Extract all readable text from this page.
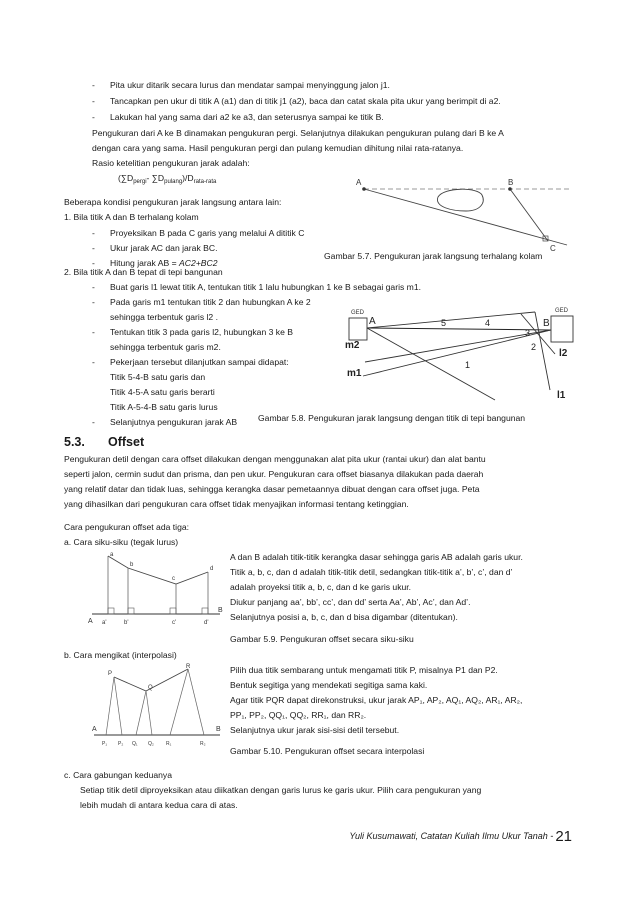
- Pita ukur ditarik secara lurus dan mendatar sampai menyinggung jalon j1.
- Tancapkan pen ukur di titik A (a1) dan di titik j1 (a2), baca dan catat skala pita ukur yang berimpit di a2.
- Lakukan hal yang sama dari a2 ke a3, dan seterusnya sampai ke titik B.
Pengukuran dari A ke B dinamakan pengukuran pergi. Selanjutnya dilakukan pengukuran pulang dari B ke A
dengan cara yang sama. Hasil pengukuran pergi dan pulang kemudian dihitung nilai rata-ratanya.
Rasio ketelitian pengukuran jarak adalah:
($\sum D_{pergi}-$ $\sum D_{pulang})/D_{rata-rata}$
Beberapa kondisi pengukuran jarak langsung antara lain:
1. Bila titik A dan B terhalang kolam
- Proyeksikan B pada C garis yang melalui A dititik C
- Ukur jarak AC dan jarak BC.
- Hitung jarak AB = AC2+BC2
A	B
C
Gambar 5.7. Pengukuran jarak langsung terhalang kolam
2. Bila titik A dan B tepat di tepi bangunan
- Buat garis l1 lewat titik A, tentukan titik 1 lalu hubungkan 1 ke B sebagai garis m1.
- Pada garis m1 tentukan titik 2 dan hubungkan A ke 2
sehingga terbentuk garis l2 .
- Tentukan titik 3 pada garis l2, hubungkan 3 ke B
sehingga terbentuk garis m2.
- Pekerjaan tersebut dilanjutkan sampai didapat:
Titik 5-4-B satu garis dan
Titik 4-5-A satu garis berarti
Titik A-5-4-B satu garis lurus
- Selanjutnya pengukuran jarak AB
GED	GED
A	B
m2
m1
l2
l1
5	4
3
2
1
Gambar 5.8. Pengukuran jarak langsung dengan titik di tepi bangunan
5.3. Offset
Pengukuran detil dengan cara offset dilakukan dengan menggunakan alat pita ukur (rantai ukur) dan alat bantu
seperti jalon, cermin sudut dan prisma, dan pen ukur. Pengukuran cara offset biasanya dilakukan pada daerah
yang relatif datar dan tidak luas, sehingga kerangka dasar pemetaannya dibuat dengan cara offset juga. Peta
yang dihasilkan dari pengukuran cara offset tidak menyajikan informasi tentang ketinggian.
Cara pengukuran offset ada tiga:
a. Cara siku-siku (tegak lurus)
A dan B adalah titik-titik kerangka dasar sehingga garis AB adalah garis ukur.
Titik a, b, c, dan d adalah titik-titik detil, sedangkan titik-titik a’, b’, c’, dan d’
adalah proyeksi titik a, b, c, dan d ke garis ukur.
Diukur panjang aa’, bb’, cc’, dan dd’ serta Aa’, Ab’, Ac’, dan Ad’.
Selanjutnya posisi a, b, c, dan d bisa digambar (ditentukan).
Gambar 5.9. Pengukuran offset secara siku-siku
a
b
c
d
A
B
a'	b'	c'	d'
b. Cara mengikat (interpolasi)
Pilih dua titik sembarang untuk mengamati titik P, misalnya P1 dan P2.
Bentuk segitiga yang mendekati segitiga sama kaki.
Agar titik PQR dapat direkonstruksi, ukur jarak AP₁, AP₂, AQ₁, AQ₂, AR₁, AR₂,
PP₁, PP₂, QQ₁, QQ₂, RR₁, dan RR₂.
Selanjutnya ukur jarak sisi-sisi detil tersebut.
Gambar 5.10. Pengukuran offset secara interpolasi
P
Q
R
A	B
P₁ P₂ Q₁ Q₂ R₁	R₂
c. Cara gabungan keduanya
Setiap titik detil diproyeksikan atau diikatkan dengan garis lurus ke garis ukur. Pilih cara pengukuran yang
lebih mudah di antara kedua cara di atas.
Yuli Kusumawati, Catatan Kuliah Ilmu Ukur Tanah - 21
